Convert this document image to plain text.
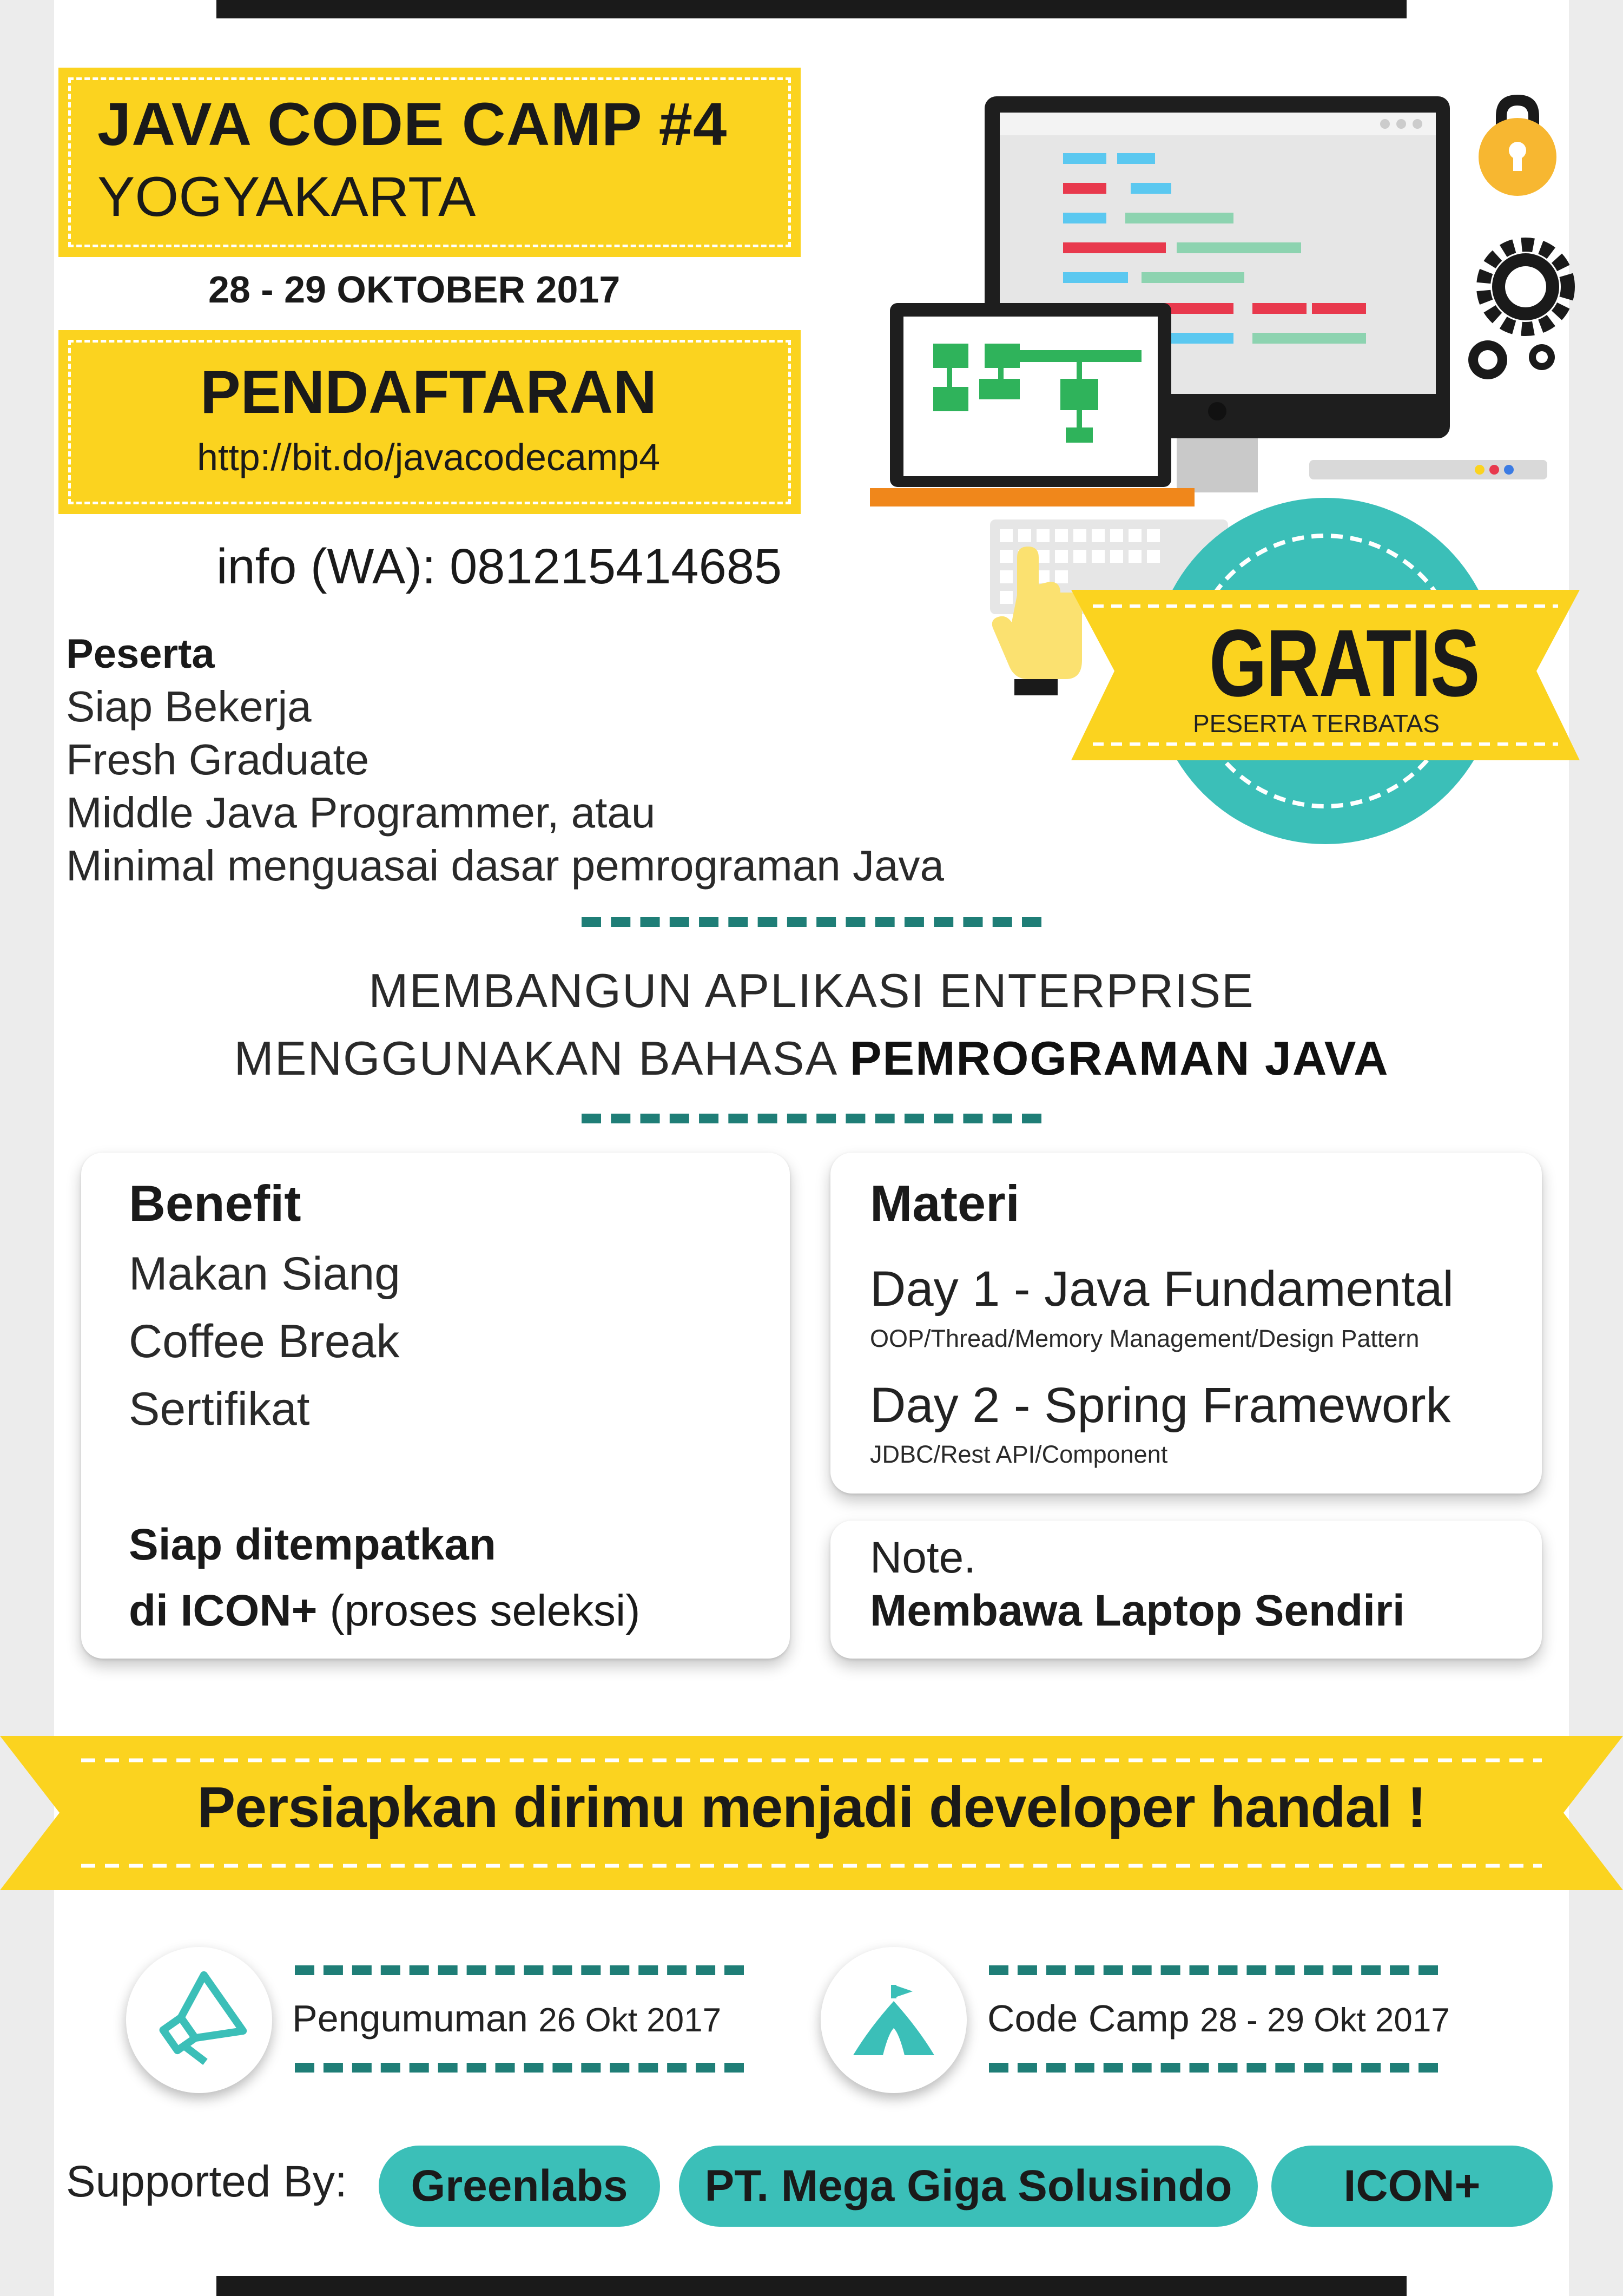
JAVA CODE CAMP #4
YOGYAKARTA
28 - 29 OKTOBER 2017
PENDAFTARAN
http://bit.do/javacodecamp4
info (WA): 081215414685
GRATIS
PESERTA TERBATAS
Peserta
Siap Bekerja
Fresh Graduate
Middle Java Programmer, atau
Minimal menguasai dasar pemrograman Java
MEMBANGUN APLIKASI ENTERPRISE
MENGGUNAKAN BAHASA PEMROGRAMAN JAVA
Benefit
Makan Siang
Coffee Break
Sertifikat
Siap ditempatkan
di ICON+ (proses seleksi)
Materi
Day 1 - Java Fundamental
OOP/Thread/Memory Management/Design Pattern
Day 2 - Spring Framework
JDBC/Rest API/Component
Note.
Membawa Laptop Sendiri
Persiapkan dirimu menjadi developer handal !
Pengumuman 26 Okt 2017	Code Camp 28 - 29 Okt 2017
Supported By:	Greenlabs	PT. Mega Giga Solusindo	ICON+
